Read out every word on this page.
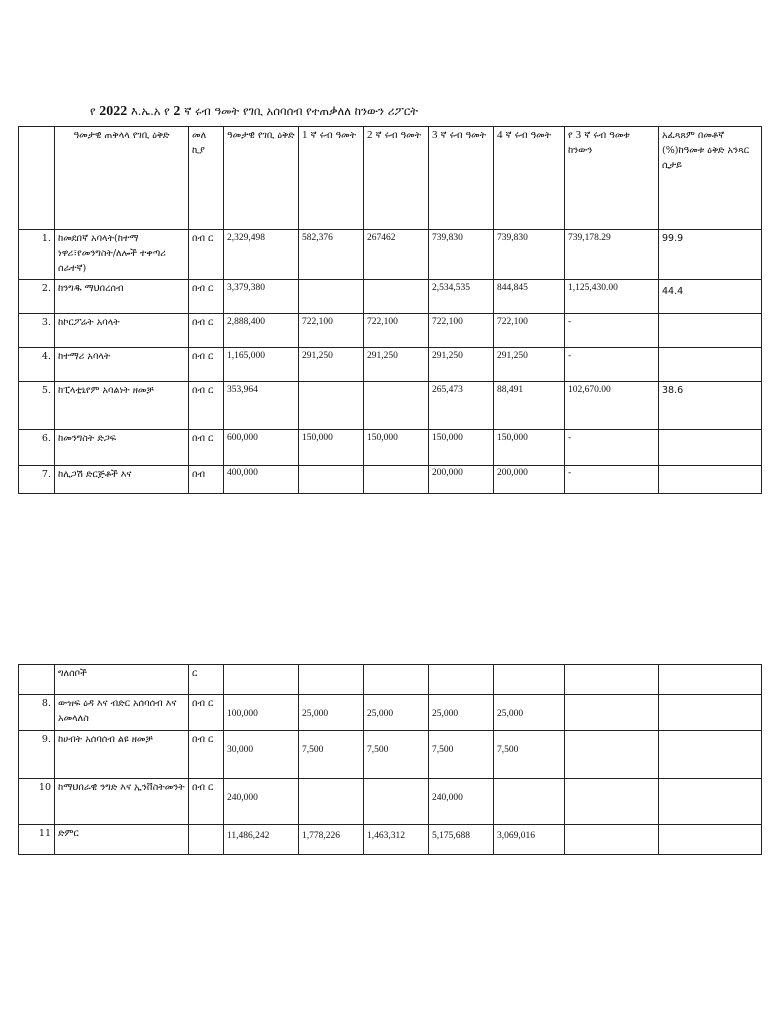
የ 2022 እ.ኤ.አ የ 2 ኛ ሩብ ዓመት የገቢ አሰባሰብ የተጠቃለለ ከንውን ሪፖርት
	ዓመታዊ ጠቅላላ የገቢ ዕቅድ	መለ ኪያ	ዓመታዊ የገቢ ዕቅድ	1 ኛ ሩብ ዓመት	2 ኛ ሩብ ዓመት	3 ኛ ሩብ ዓመት	4 ኛ ሩብ ዓመት	የ 3 ኛ ሩብ ዓመቱ ከንውን	አፈጻጸም በመቶኛ (%)ከዓመቱ ዕቅድ አንጻር ሲታይ
1.	ከመደበኛ አባላት(ከተማ ነዋሪ፣የመንግስት/ለሎች ተቀጣሪ ሰራተኛ)	በብ ር	2,329,498	582,376	267462	739,830	739,830	739,178.29	99.9
2.	ከንግዱ ማህበረሰብ	በብ ር	3,379,380			2,534,535	844,845	1,125,430.00	44.4
3.	ከኮርፖሬት አባላት	በብ ር	2,888,400	722,100	722,100	722,100	722,100	-	
4.	ከተማሪ አባላት	በብ ር	1,165,000	291,250	291,250	291,250	291,250	-	
5.	ከፒላቲኒየም አባልነት ዘመቻ	በብ ር	353,964			265,473	88,491	102,670.00	38.6
6.	ከመንግስት ድጋፍ	በብ ር	600,000	150,000	150,000	150,000	150,000	-	
7.	ከሊጋሽ ድርጅቶች እና	በብ	400,000			200,000	200,000	-	
	ግለሰቦች	ር							
8.	ውዝፍ ዕዳ እና ብድር አሰባሰብ እና አመላለስ	በብ ር	100,000	25,000	25,000	25,000	25,000		
9.	ከሀብት አሰባሰብ ልዩ ዘመቻ	በብ ር	30,000	7,500	7,500	7,500	7,500		
10	ከማህበራዊ ንግድ እና ኢንቨስትመንት	በብ ር	240,000			240,000			
11	ድምር		11,486,242	1,778,226	1,463,312	5,175,688	3,069,016		
